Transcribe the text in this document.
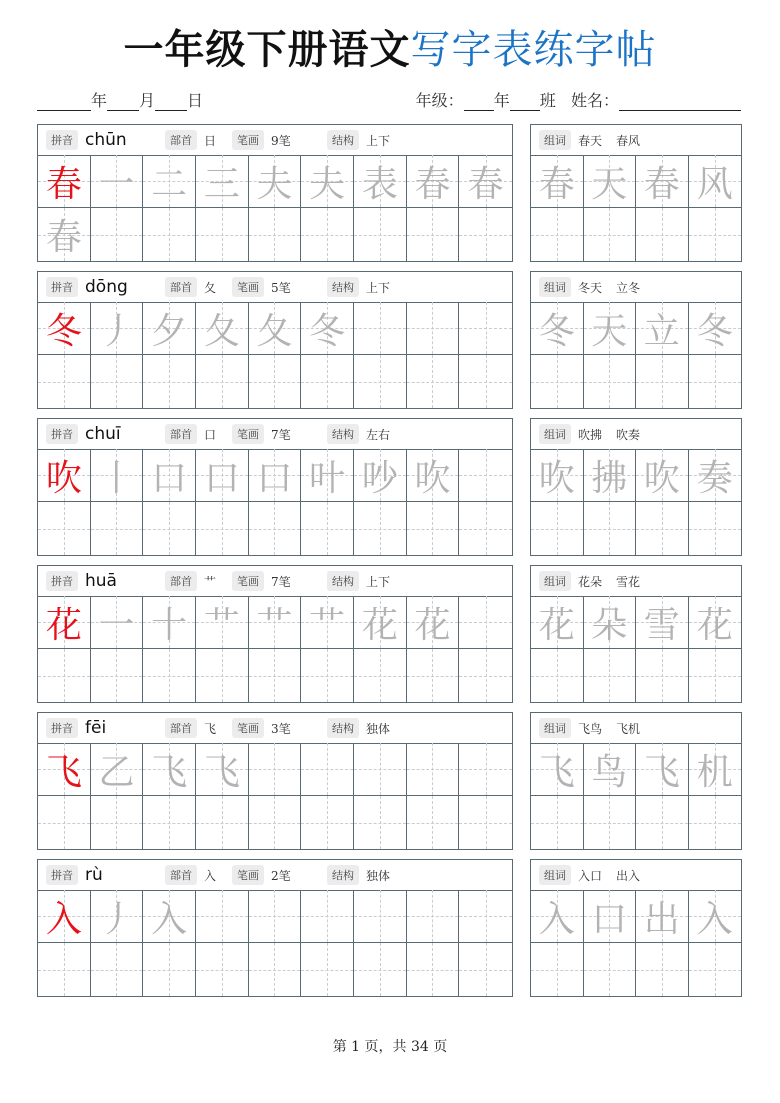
一年级下册语文写字表练字帖
年 月 日	年级： 年 班 姓名：
拼音 chūn	部首	日	笔画	9笔	结构	上下
春 一 二 三 夫 夫 表 春 春
春
组词	春天 春风
春 天 春 风
拼音 dōng	部首	夂	笔画	5笔	结构	上下
冬 丿 夕 夂 夂 冬
组词	冬天 立冬
冬 天 立 冬
拼音 chuī	部首	口	笔画	7笔	结构	左右
吹 丨 口 口 口 叶 吵 吹
组词	吹拂 吹奏
吹 拂 吹 奏
拼音 huā	部首	艹	笔画	7笔	结构	上下
花 一 十 艹 艹 艹 花 花
组词	花朵 雪花
花 朵 雪 花
拼音 fēi	部首	飞	笔画	3笔	结构	独体
飞 乙 飞 飞
组词	飞鸟 飞机
飞 鸟 飞 机
拼音 rù	部首	入	笔画	2笔	结构	独体
入 丿 入
组词	入口 出入
入 口 出 入
第 1 页，共 34 页
